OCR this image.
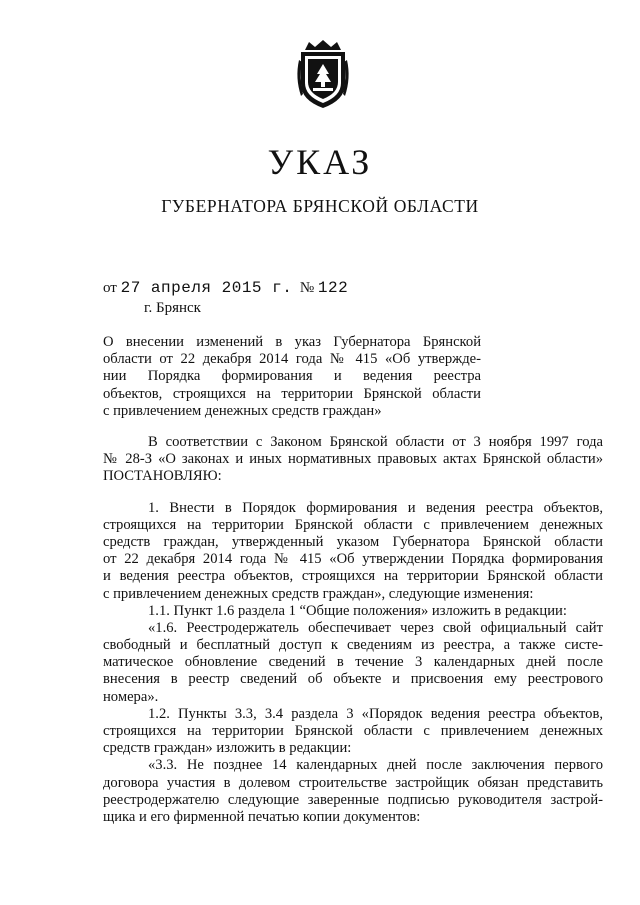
УКАЗ
ГУБЕРНАТОРА БРЯНСКОЙ ОБЛАСТИ
от 27 апреля 2015 г. № 122
г. Брянск
О внесении изменений в указ Губернатора Брянской
области от 22 декабря 2014 года № 415 «Об утвержде-
нии Порядка формирования и ведения реестра
объектов, строящихся на территории Брянской области
с привлечением денежных средств граждан»
В соответствии с Законом Брянской области от 3 ноября 1997 года
№ 28-З «О законах и иных нормативных правовых актах Брянской области»
ПОСТАНОВЛЯЮ:
1. Внести в Порядок формирования и ведения реестра объектов,
строящихся на территории Брянской области с привлечением денежных
средств граждан, утвержденный указом Губернатора Брянской области
от 22 декабря 2014 года № 415 «Об утверждении Порядка формирования
и ведения реестра объектов, строящихся на территории Брянской области
с привлечением денежных средств граждан», следующие изменения:
1.1. Пункт 1.6 раздела 1 “Общие положения» изложить в редакции:
«1.6. Реестродержатель обеспечивает через свой официальный сайт
свободный и бесплатный доступ к сведениям из реестра, а также систе-
матическое обновление сведений в течение 3 календарных дней после
внесения в реестр сведений об объекте и присвоения ему реестрового
номера».
1.2. Пункты 3.3, 3.4 раздела 3 «Порядок ведения реестра объектов,
строящихся на территории Брянской области с привлечением денежных
средств граждан» изложить в редакции:
«3.3. Не позднее 14 календарных дней после заключения первого
договора участия в долевом строительстве застройщик обязан представить
реестродержателю следующие заверенные подписью руководителя застрой-
щика и его фирменной печатью копии документов:
